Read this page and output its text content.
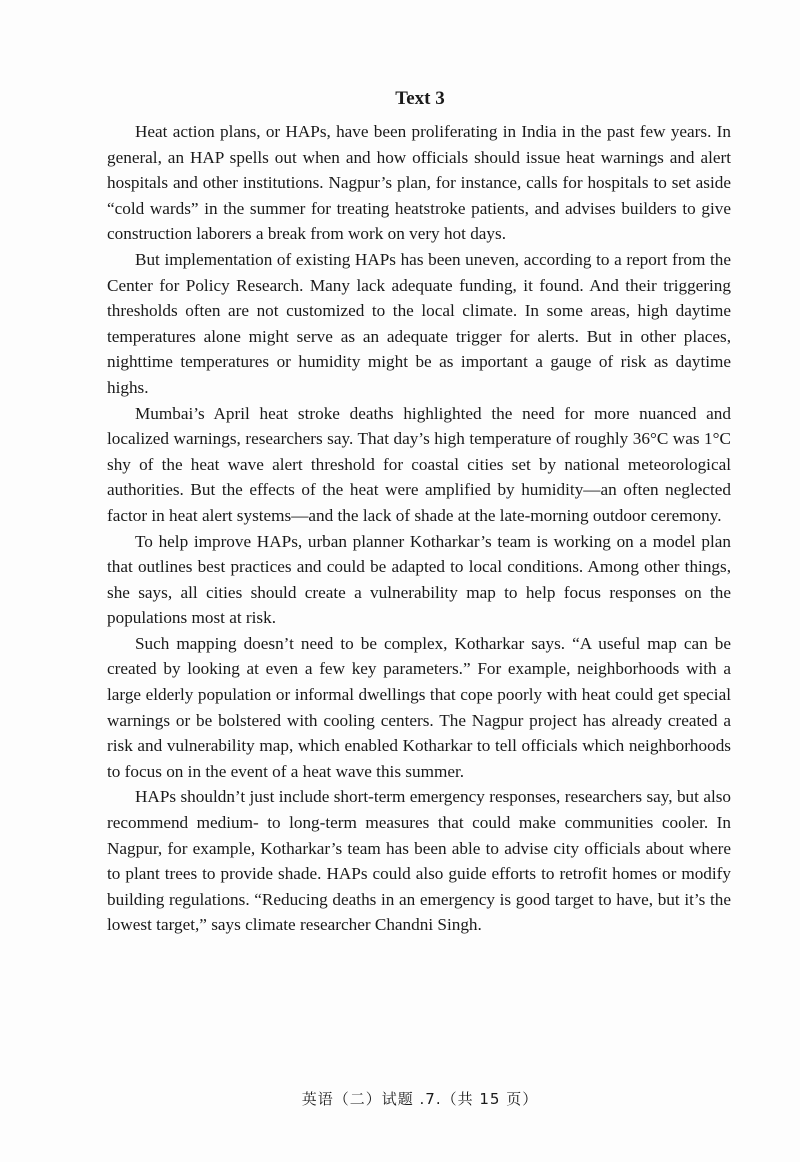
Text 3

Heat action plans, or HAPs, have been proliferating in India in the past few years. In general, an HAP spells out when and how officials should issue heat warnings and alert hospitals and other institutions. Nagpur’s plan, for instance, calls for hospitals to set aside “cold wards” in the summer for treating heatstroke patients, and advises builders to give construction laborers a break from work on very hot days.

But implementation of existing HAPs has been uneven, according to a report from the Center for Policy Research. Many lack adequate funding, it found. And their triggering thresholds often are not customized to the local climate. In some areas, high daytime temperatures alone might serve as an adequate trigger for alerts. But in other places, nighttime temperatures or humidity might be as important a gauge of risk as daytime highs.

Mumbai’s April heat stroke deaths highlighted the need for more nuanced and localized warnings, researchers say. That day’s high temperature of roughly 36°C was 1°C shy of the heat wave alert threshold for coastal cities set by national meteorological authorities. But the effects of the heat were amplified by humidity—an often neglected factor in heat alert systems—and the lack of shade at the late-morning outdoor ceremony.

To help improve HAPs, urban planner Kotharkar’s team is working on a model plan that outlines best practices and could be adapted to local conditions. Among other things, she says, all cities should create a vulnerability map to help focus responses on the populations most at risk.

Such mapping doesn’t need to be complex, Kotharkar says. “A useful map can be created by looking at even a few key parameters.” For example, neighborhoods with a large elderly population or informal dwellings that cope poorly with heat could get special warnings or be bolstered with cooling centers. The Nagpur project has already created a risk and vulnerability map, which enabled Kotharkar to tell officials which neighborhoods to focus on in the event of a heat wave this summer.

HAPs shouldn’t just include short-term emergency responses, researchers say, but also recommend medium- to long-term measures that could make communities cooler. In Nagpur, for example, Kotharkar’s team has been able to advise city officials about where to plant trees to provide shade. HAPs could also guide efforts to retrofit homes or modify building regulations. “Reducing deaths in an emergency is good target to have, but it’s the lowest target,” says climate researcher Chandni Singh.

英语（二）试题 .7.（共 15 页）
